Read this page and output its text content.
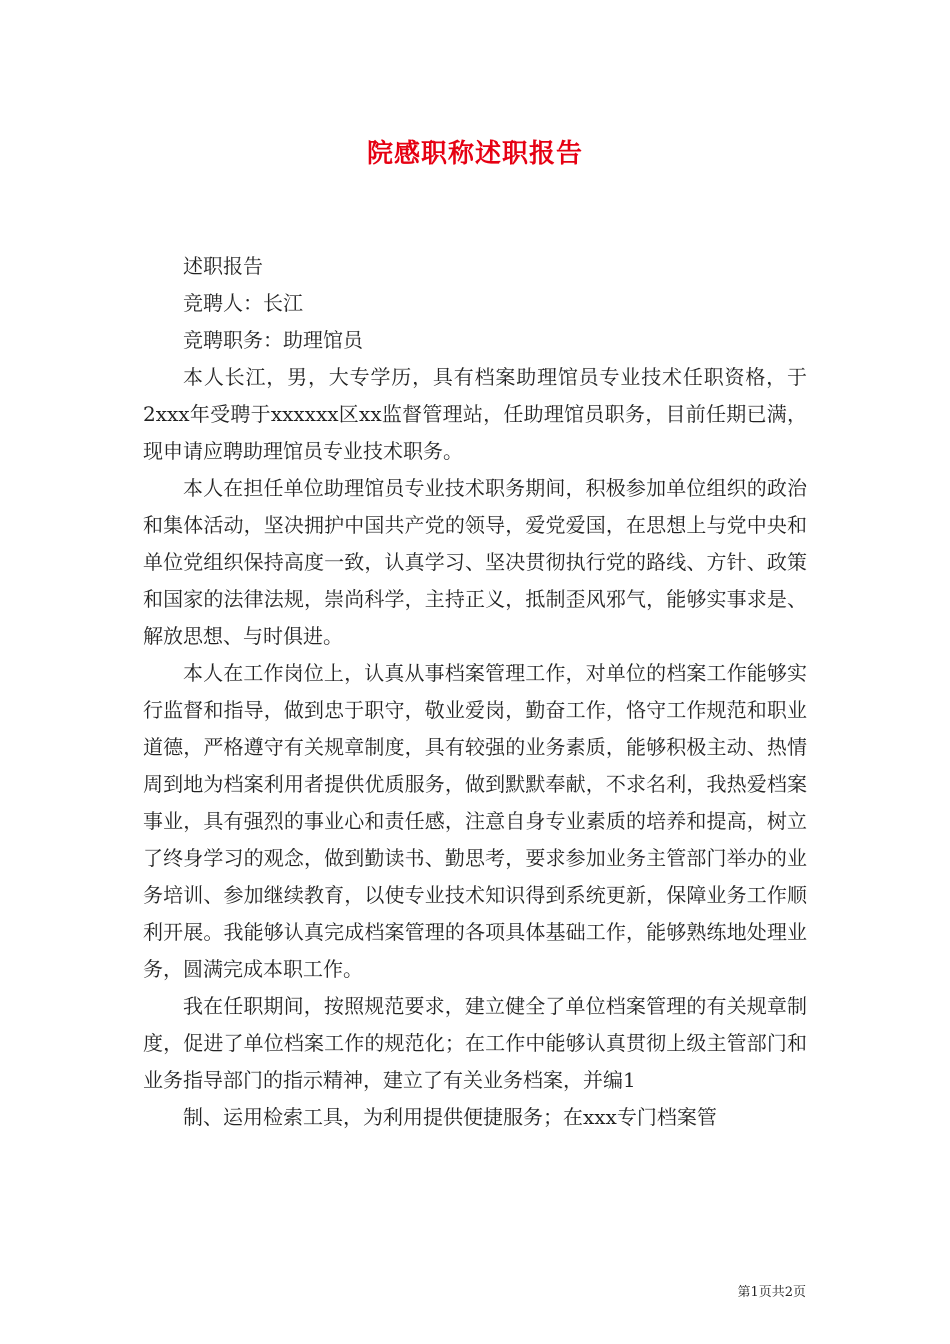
院感职称述职报告

述职报告

竞聘人：长江

竞聘职务：助理馆员

本人长江，男，大专学历，具有档案助理馆员专业技术任职资格，于2xxx年受聘于xxxxxx区xx监督管理站，任助理馆员职务，目前任期已满，现申请应聘助理馆员专业技术职务。

本人在担任单位助理馆员专业技术职务期间，积极参加单位组织的政治和集体活动，坚决拥护中国共产党的领导，爱党爱国，在思想上与党中央和单位党组织保持高度一致，认真学习、坚决贯彻执行党的路线、方针、政策和国家的法律法规，崇尚科学，主持正义，抵制歪风邪气，能够实事求是、解放思想、与时俱进。

本人在工作岗位上，认真从事档案管理工作，对单位的档案工作能够实行监督和指导，做到忠于职守，敬业爱岗，勤奋工作，恪守工作规范和职业道德，严格遵守有关规章制度，具有较强的业务素质，能够积极主动、热情周到地为档案利用者提供优质服务，做到默默奉献，不求名利，我热爱档案事业，具有强烈的事业心和责任感，注意自身专业素质的培养和提高，树立了终身学习的观念，做到勤读书、勤思考，要求参加业务主管部门举办的业务培训、参加继续教育，以使专业技术知识得到系统更新，保障业务工作顺利开展。我能够认真完成档案管理的各项具体基础工作，能够熟练地处理业务，圆满完成本职工作。

我在任职期间，按照规范要求，建立健全了单位档案管理的有关规章制度，促进了单位档案工作的规范化；在工作中能够认真贯彻上级主管部门和业务指导部门的指示精神，建立了有关业务档案，并编1

制、运用检索工具，为利用提供便捷服务；在xxx专门档案管

第1页共2页
